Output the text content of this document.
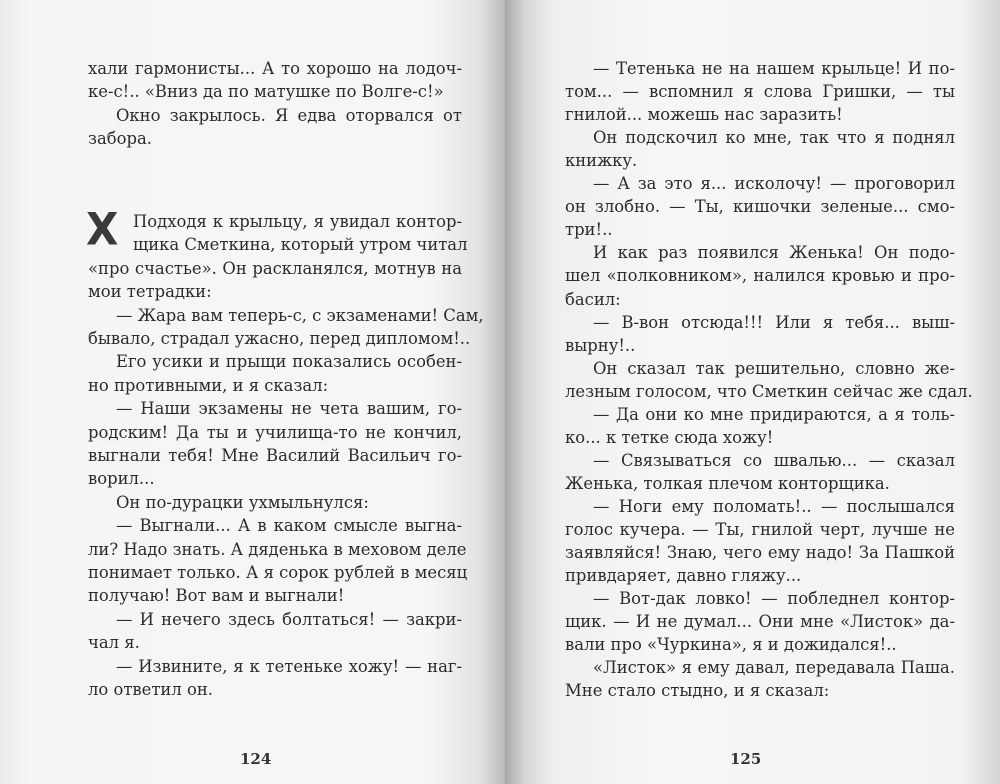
Х
124
хали гармонисты... А то хорошо на лодоч-
ке-с!.. «Вниз да по матушке по Волге-с!»
Окно закрылось. Я едва оторвался от
забора.
Подходя к крыльцу, я увидал контор-
щика Сметкина, который утром читал
«про счастье». Он раскланялся, мотнув на
мои тетрадки:
— Жара вам теперь-с, с экзаменами! Сам,
бывало, страдал ужасно, перед дипломом!..
Его усики и прыщи показались особен-
но противными, и я сказал:
— Наши экзамены не чета вашим, го-
родским! Да ты и училища-то не кончил,
выгнали тебя! Мне Василий Васильич го-
ворил...
Он по-дурацки ухмыльнулся:
— Выгнали... А в каком смысле выгна-
ли? Надо знать. А дяденька в меховом деле
понимает только. А я сорок рублей в месяц
получаю! Вот вам и выгнали!
— И нечего здесь болтаться! — закри-
чал я.
— Извините, я к тетеньке хожу! — наг-
ло ответил он.
125
— Тетенька не на нашем крыльце! И по-
том... — вспомнил я слова Гришки, — ты
гнилой... можешь нас заразить!
Он подскочил ко мне, так что я поднял
книжку.
— А за это я... исколочу! — проговорил
он злобно. — Ты, кишочки зеленые... смо-
три!..
И как раз появился Женька! Он подо-
шел «полковником», налился кровью и про-
басил:
— В-вон отсюда!!! Или я тебя... выш-
вырну!..
Он сказал так решительно, словно же-
лезным голосом, что Сметкин сейчас же сдал.
— Да они ко мне придираются, а я толь-
ко... к тетке сюда хожу!
— Связываться со швалью... — сказал
Женька, толкая плечом конторщика.
— Ноги ему поломать!.. — послышался
голос кучера. — Ты, гнилой черт, лучше не
заявляйся! Знаю, чего ему надо! За Пашкой
привдаряет, давно гляжу...
— Вот-дак ловко! — побледнел контор-
щик. — И не думал... Они мне «Листок» да-
вали про «Чуркина», я и дожидался!..
«Листок» я ему давал, передавала Паша.
Мне стало стыдно, и я сказал:
